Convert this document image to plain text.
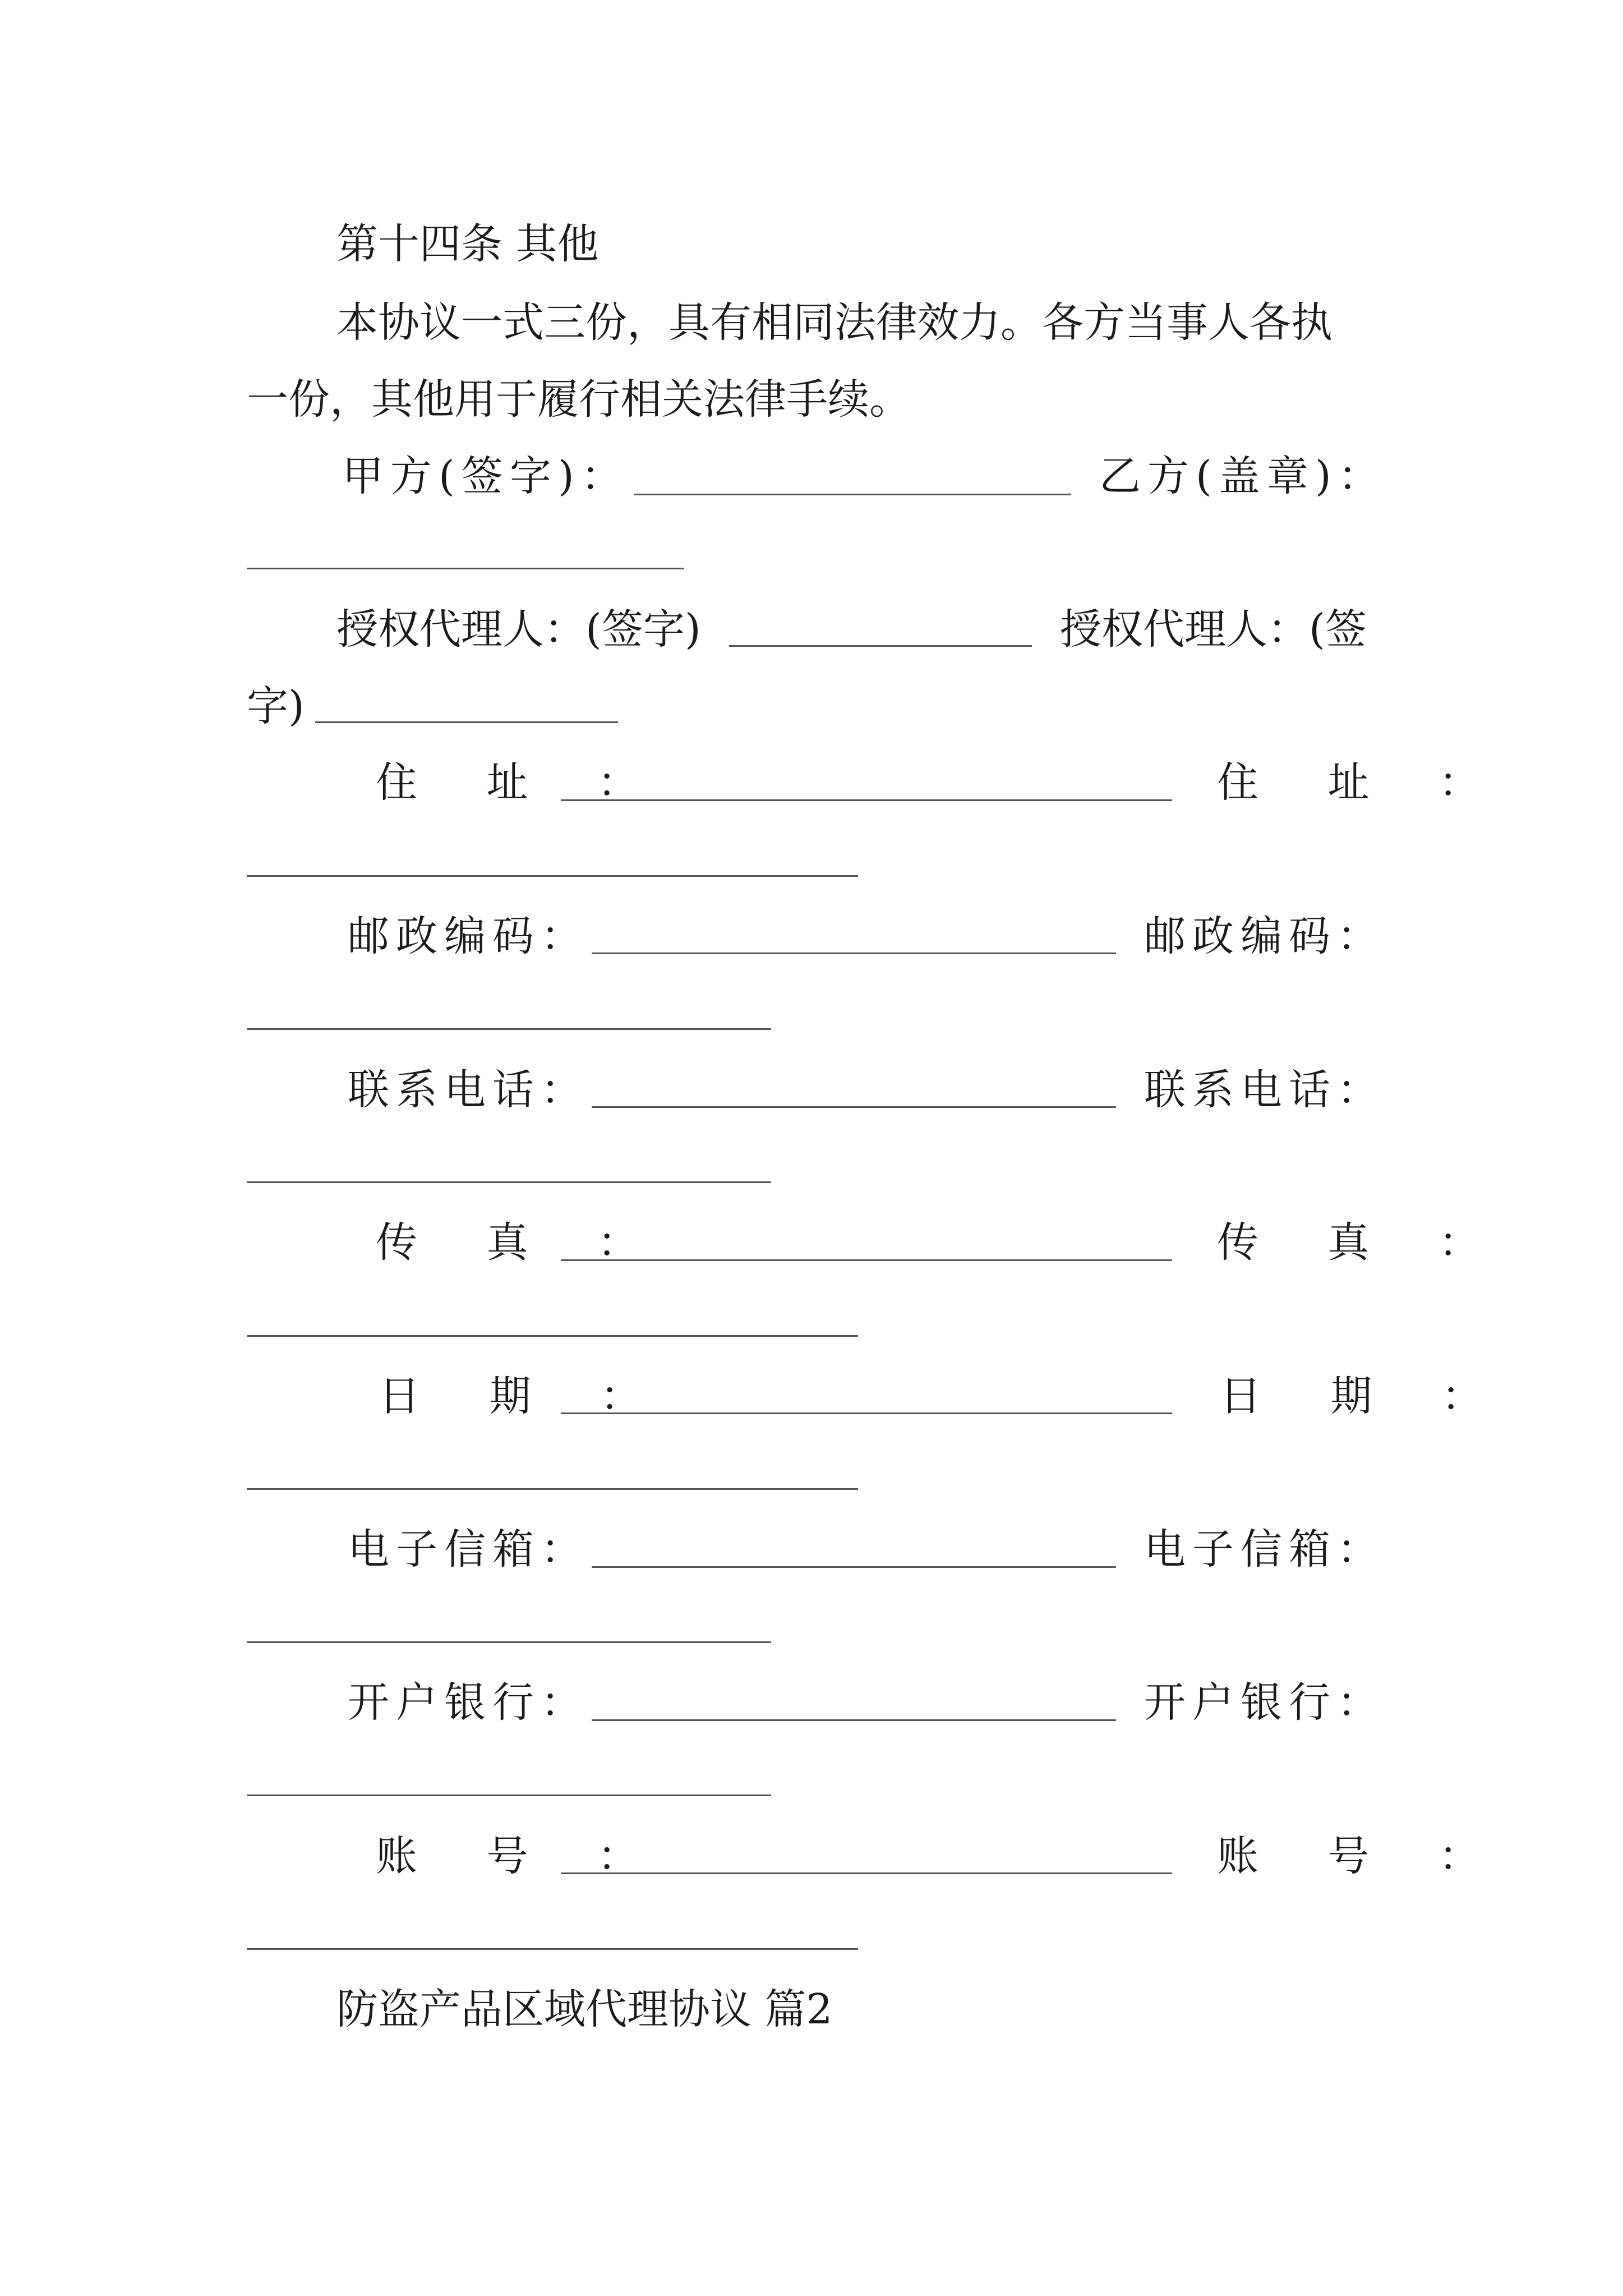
第十四条 其他
本协议一式三份，具有相同法律效力。各方当事人各执
一份，其他用于履行相关法律手续。
甲方(签字)：	乙方(盖章)：
授权代理人：(签字)	授权代理人：(签
字)
住 址 ：	住 址 ：
邮政编码：	邮政编码：
联系电话：	联系电话：
传 真 ：	传 真 ：
日 期 ：	日 期 ：
电子信箱：	电子信箱：
开户银行：	开户银行：
账 号 ：	账 号 ：
防盗产品区域代理协议 篇2
